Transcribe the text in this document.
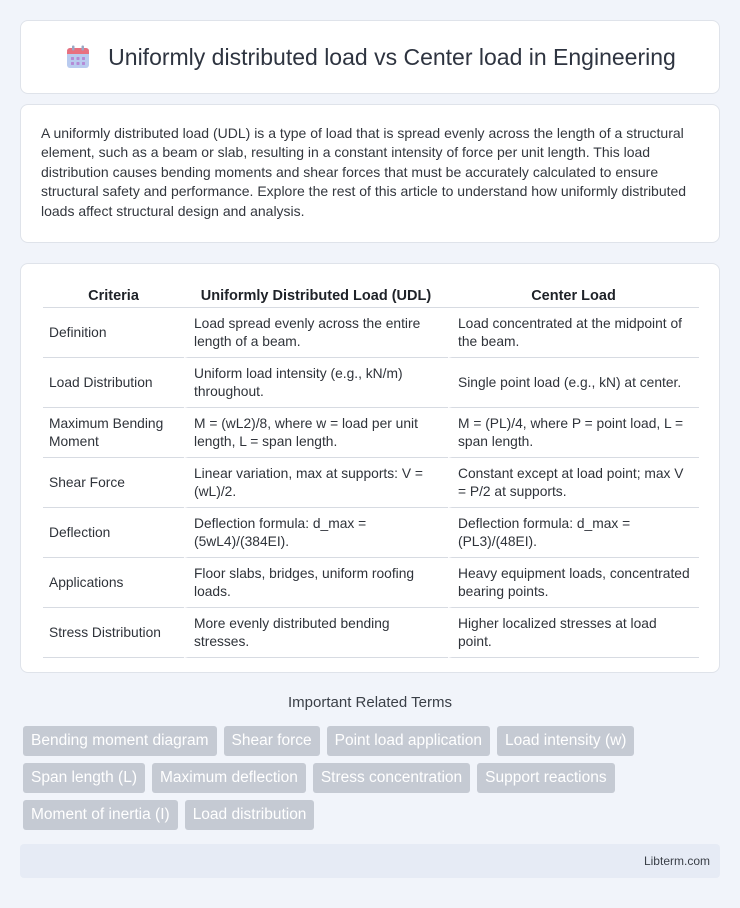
Uniformly distributed load vs Center load in Engineering

A uniformly distributed load (UDL) is a type of load that is spread evenly across the length of a structural element, such as a beam or slab, resulting in a constant intensity of force per unit length. This load distribution causes bending moments and shear forces that must be accurately calculated to ensure structural safety and performance. Explore the rest of this article to understand how uniformly distributed loads affect structural design and analysis.

Criteria	Uniformly Distributed Load (UDL)	Center Load
Definition	Load spread evenly across the entire length of a beam.	Load concentrated at the midpoint of the beam.
Load Distribution	Uniform load intensity (e.g., kN/m) throughout.	Single point load (e.g., kN) at center.
Maximum Bending Moment	M = (wL2)/8, where w = load per unit length, L = span length.	M = (PL)/4, where P = point load, L = span length.
Shear Force	Linear variation, max at supports: V = (wL)/2.	Constant except at load point; max V = P/2 at supports.
Deflection	Deflection formula: d_max = (5wL4)/(384EI).	Deflection formula: d_max = (PL3)/(48EI).
Applications	Floor slabs, bridges, uniform roofing loads.	Heavy equipment loads, concentrated bearing points.
Stress Distribution	More evenly distributed bending stresses.	Higher localized stresses at load point.
Important Related Terms
Bending moment diagram	Shear force	Point load application	Load intensity (w)
Span length (L)	Maximum deflection	Stress concentration	Support reactions
Moment of inertia (I)	Load distribution
Libterm.com
